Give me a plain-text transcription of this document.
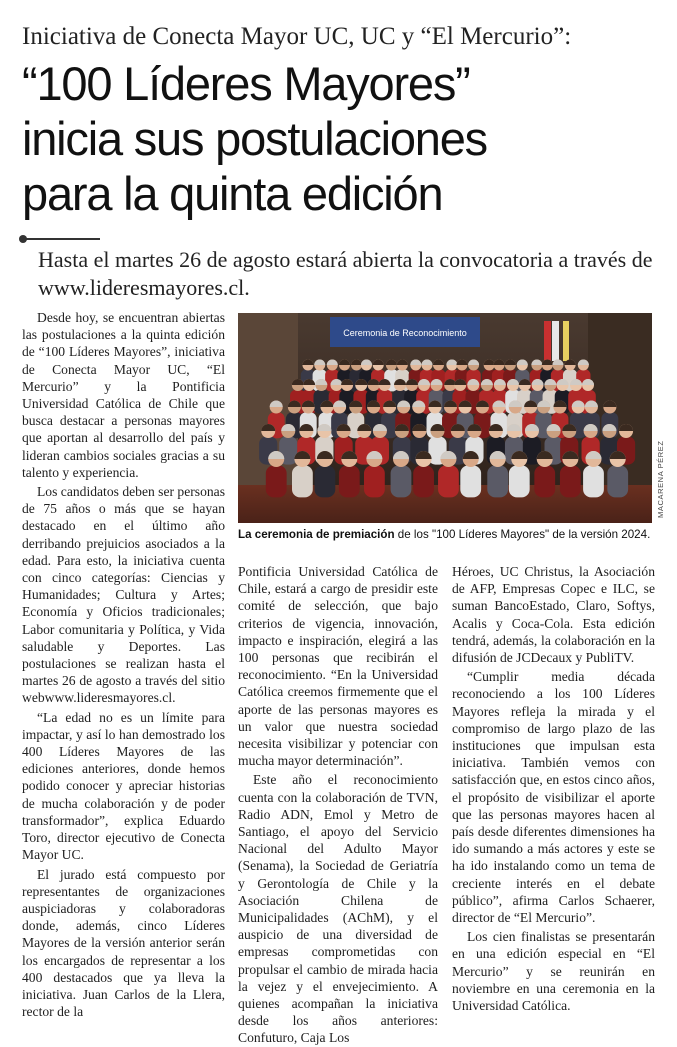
Iniciativa de Conecta Mayor UC, UC y “El Mercurio”:
“100 Líderes Mayores”
inicia sus postulaciones
para la quinta edición
Hasta el martes 26 de agosto estará abierta la convocatoria a través de www.lideresmayores.cl.

Desde hoy, se encuentran abiertas las postulaciones a la quinta edición de “100 Líderes Mayores”, iniciativa de Conecta Mayor UC, “El Mercurio” y la Pontificia Universidad Católica de Chile que busca destacar a personas mayores que aportan al desarrollo del país y lideran cambios sociales gracias a su talento y experiencia.

Los candidatos deben ser personas de 75 años o más que se hayan destacado en el último año derribando prejuicios asociados a la edad. Para esto, la iniciativa cuenta con cinco categorías: Ciencias y Humanidades; Cultura y Artes; Economía y Oficios tradicionales; Labor comunitaria y Política, y Vida saludable y Deportes. Las postulaciones se realizan hasta el martes 26 de agosto a través del sitio webwww.lideresmayores.cl.

“La edad no es un límite para impactar, y así lo han demostrado los 400 Líderes Mayores de las ediciones anteriores, donde hemos podido conocer y apreciar historias de mucha colaboración y de poder transformador”, explica Eduardo Toro, director ejecutivo de Conecta Mayor UC.

El jurado está compuesto por representantes de organizaciones auspiciadoras y colaboradoras donde, además, cinco Líderes Mayores de la versión anterior serán los encargados de representar a los 400 destacados que ya lleva la iniciativa. Juan Carlos de la Llera, rector de la

Ceremonia de Reconocimiento
MACARENA PÉREZ
La ceremonia de premiación de los "100 Líderes Mayores" de la versión 2024.

Pontificia Universidad Católica de Chile, estará a cargo de presidir este comité de selección, que bajo criterios de vigencia, innovación, impacto e inspiración, elegirá a las 100 personas que recibirán el reconocimiento. “En la Universidad Católica creemos firmemente que el aporte de las personas mayores es un valor que nuestra sociedad necesita visibilizar y potenciar con mucha mayor determinación”.

Este año el reconocimiento cuenta con la colaboración de TVN, Radio ADN, Emol y Metro de Santiago, el apoyo del Servicio Nacional del Adulto Mayor (Senama), la Sociedad de Geriatría y Gerontología de Chile y la Asociación Chilena de Municipalidades (AChM), y el auspicio de una diversidad de empresas comprometidas con propulsar el cambio de mirada hacia la vejez y el envejecimiento. A quienes acompañan la iniciativa desde los años anteriores: Confuturo, Caja Los

Héroes, UC Christus, la Asociación de AFP, Empresas Copec e ILC, se suman BancoEstado, Claro, Softys, Acalis y Coca-Cola. Esta edición tendrá, además, la colaboración en la difusión de JCDecaux y PubliTV.

“Cumplir media década reconociendo a los 100 Líderes Mayores refleja la mirada y el compromiso de largo plazo de las instituciones que impulsan esta iniciativa. También vemos con satisfacción que, en estos cinco años, el propósito de visibilizar el aporte que las personas mayores hacen al país desde diferentes dimensiones ha ido sumando a más actores y este se ha ido instalando como un tema de creciente interés en el debate público”, afirma Carlos Schaerer, director de “El Mercurio”.

Los cien finalistas se presentarán en una edición especial en “El Mercurio” y se reunirán en noviembre en una ceremonia en la Universidad Católica.
